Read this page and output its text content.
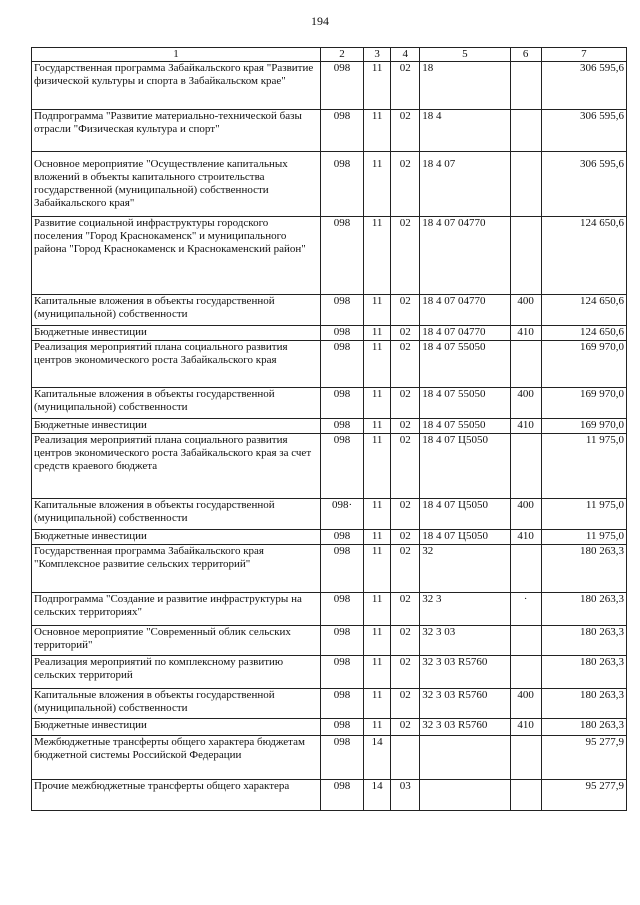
194
1	2	3	4	5	6	7
Государственная программа Забайкальского края "Развитие физической культуры и спорта в Забайкальском крае"	098	11	02	18		306 595,6
Подпрограмма "Развитие материально-технической базы отрасли "Физическая культура и спорт"	098	11	02	18 4		306 595,6
Основное мероприятие "Осуществление капитальных вложений в объекты капитального строительства государственной (муниципальной) собственности Забайкальского края"	098	11	02	18 4 07		306 595,6
Развитие социальной инфраструктуры городского поселения "Город Краснокаменск" и муниципального района "Город Краснокаменск и Краснокаменский район"	098	11	02	18 4 07 04770		124 650,6
Капитальные вложения в объекты государственной (муниципальной) собственности	098	11	02	18 4 07 04770	400	124 650,6
Бюджетные инвестиции	098	11	02	18 4 07 04770	410	124 650,6
Реализация мероприятий плана социального развития центров экономического роста Забайкальского края	098	11	02	18 4 07 55050		169 970,0
Капитальные вложения в объекты государственной (муниципальной) собственности	098	11	02	18 4 07 55050	400	169 970,0
Бюджетные инвестиции	098	11	02	18 4 07 55050	410	169 970,0
Реализация мероприятий плана социального развития центров экономического роста Забайкальского края за счет средств краевого бюджета	098	11	02	18 4 07 Ц5050		11 975,0
Капитальные вложения в объекты государственной (муниципальной) собственности	098·	11	02	18 4 07 Ц5050	400	11 975,0
Бюджетные инвестиции	098	11	02	18 4 07 Ц5050	410	11 975,0
Государственная программа Забайкальского края "Комплексное развитие сельских территорий"	098	11	02	32		180 263,3
Подпрограмма "Создание и развитие инфраструктуры на сельских территориях"	098	11	02	32 3	·	180 263,3
Основное мероприятие "Современный облик сельских территорий"	098	11	02	32 3 03		180 263,3
Реализация мероприятий по комплексному развитию сельских территорий	098	11	02	32 3 03 R5760		180 263,3
Капитальные вложения в объекты государственной (муниципальной) собственности	098	11	02	32 3 03 R5760	400	180 263,3
Бюджетные инвестиции	098	11	02	32 3 03 R5760	410	180 263,3
Межбюджетные трансферты общего характера бюджетам бюджетной системы Российской Федерации	098	14				95 277,9
Прочие межбюджетные трансферты общего характера	098	14	03			95 277,9
